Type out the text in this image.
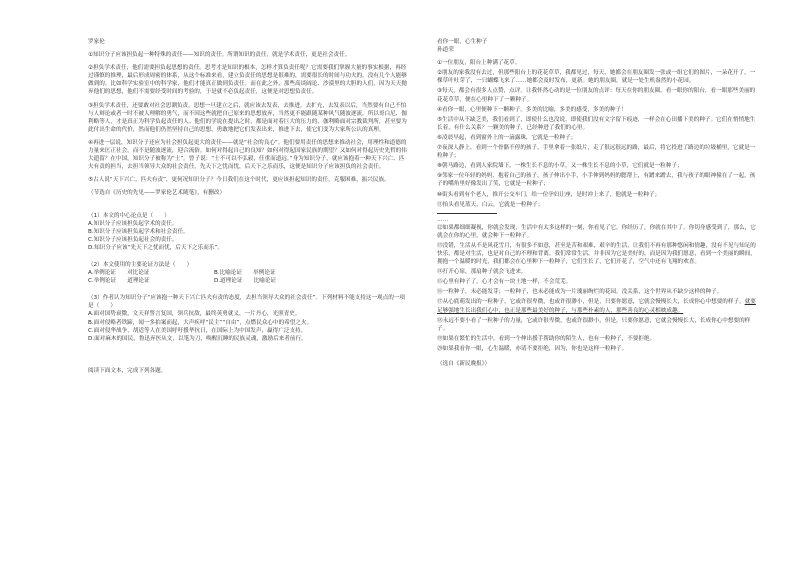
罗家伦

①知识分子应该担负起一种特殊的责任——知识的责任。所谓知识的责任，就是学术责任，更是社会责任。

②担负学术责任，他们需要担负起思想的责任。思考才是知识的根本，怎样才算负责任呢？它需要我们掌握大量的事实根据，再经过谨慎的推理，最后形成周密的体系，从这个标准来看，建立负责任的思想是很难的，需要很长的时间与功夫的，没有几个人能够做到的。比如科学实验室中的科学家，他们才能真正做到负责任。而在此之外，那些高谈阔论、沙漠里的大胆的人们，因为天天抛弃他们的思想，他们不需要经受时间的考验的，于是就不必负起责任，这便是对思想负责任。

③担负学术责任，还要敢对社会思潮负责。思想一旦建立之后，就应该去发表，去推进，去扩充，去发表以后，当然要有自己不怕与人辩论或者一时不被人理解的勇气，而不因这些就把自己原来的思想放弃，当然更不能跟随某种风气随波逐流。所以哥白尼、伽利略等人，才是真正为科学负起责任的人。他们的学说在提出之时，都是面对着巨大的压力的，伽利略面对宗教裁判所，甚至要为此付出生命的代价，然而他们仍然坚持自己的思想，勇敢地把它们发表出来，推进下去，使它们变为大家所公认的真理。

④再进一层说，知识分子还应为社会担负起更大的责任——就是“社会的良心”。他们要用责任的思想来推动社会，用理性和道德的力量来匡正社会，而不是随波逐流，迎合流俗。如何对得起自己的良知？如何对得起国家民族的期望？又如何对得起历史先哲的伟大遗留？在中国，知识分子被称为“士”。曾子说：“士不可以不弘毅，任重而道远。”身为知识分子，就应该抱着一种天下兴亡、匹夫有责的担当，去担当领导大众的社会责任，先天下之忧而忧，后天下之乐而乐，这便是知识分子应该担负的社会责任。

⑤古人说“天下兴亡，匹夫有责”，更何况知识分子？今日我们在这个时代，更应该担起知识的责任，克服困难，振兴民族。

（节选自《历史的先见——罗家伦艺术随笔》，有删改）

（1）本文的中心论点是（　　）

A.知识分子应该担负起学术的责任。

B.知识分子应该担负起学术和社会责任。

C.知识分子应该担负起社会的责任。

D.知识分子应该“先天下之忧而忧，后天下之乐而乐”。

（2）本文使用的主要论证方法是（　　）

A.举例论证　　对比论证	B.比喻论证　　举例论证

C.举例论证　　道理论证	D.道理论证　　比喻论证

（3）作者认为知识分子“应该抱一种天下兴亡匹夫有责的态度，去担当领导大众的社会责任”。下列材料不能支持这一观点的一项是（　　）

A.面对国势衰微，文天祥誓言复国，领兵抗敌，最终英勇就义，一片丹心，光照青史。

B.面对侵略者铁蹄，闻一多拍案而起，大声疾呼“民主”“自由”，点燃民众心中的希望之火。

C.面对侵华战争，胡适等人在美国呼吁援华抗日，在国际上为中国发声，赢得广泛支持。

D.面对麻木的国民，鲁迅弃医从文，以笔为刀，唤醒沉睡的民族灵魂，激励后来者前行。

阅读下面文本，完成下列各题。

看你一眼，心生种子

孙道荣

①一位朋友，阳台上种满了花草。

②朋友的家我没有去过，但那些阳台上的花花草草，我都见过，每天，她都会在朋友圈发一张或一组它们的图片，一朵花开了，一棵草叶吐芽了，一只蝴蝶飞来了……她都会及时发布，更新。她的朋友圈，就是一处生机盎然的小花园。

③每天，都会有很多人点赞，点评。让我怀然心动的是一位朋友的点评：每天在你的朋友圈，看一眼你的阳台，看一眼那些美丽的花花草草，便在心里种下了一颗种子。

④看你一眼，心里便种下一颗种子。多美的比喻，多美的感受，多美的种子！

⑤生活中从不缺乏美，我们看到了，即使什么也没说，即使我们没有文字留下痕迹，一样会在心田播下美的种子。它们在悄悄地生长着，有什么关系？一颗美的种子，已经种进了我们的心里。

⑥凌晨早起，看到窗外上的一滴露珠，它就是一粒种子；

⑦夜深人静上，看到一个骨骼不停的孩子，手里拿着一张纸片，走了很远很远的路，最后，将它投进了路边的垃圾桶里，它就是一粒种子；

⑧朝马路边，看到人家院墙下，一株生长不息的小草，又一株生长不息的小草，它们就是一粒种子；

⑨邻家一位年轻的妈妈，抱着自己的孩子，孩子伸出小手，小手伸到妈妈的腮帮上，有蹭来蹭去，我与孩子的眼神撞在了一起，孩子的嘴角里好像发出了笑，它就是一粒种子；

⑩街头看到有个老人，推开公交车门，给一位孕妇让座，是时冲上来了，他就是一粒种子；

⑪抬头看见蓝天，白云，它就是一粒种子；

……

⑫如果都细细凝视，你就会发现，生活中有太多这样的一刻，你看见了它，你经历了，你就在其中了，你切身感受到了，那么，它就会在你的心里，就会种下一粒种子。

⑬没错，生活从不是风花雪月，有很多不如意，甚至是苦和艰难，艰辛的生活，让我们不再有那种悠闲和情趣，没有不见与知足的快乐，都是对生活，也是对自己的不理和背离。我们常常生活，并非因为它是美好的，而是因为我们愿意，看到一个美丽的瞬间，拥抱一个温暖的时光，我们都会在心里种下一粒种子，它们生长了，它们开花了，空气中还有飞翔的欢喜。

⑭打开心扉，那扇种子就会飞进来。

⑮心里有种子了，心才会有一块土地一样，不会荒芜。

⑯一粒种子，未必能发芽；一粒种子，也未必能成为一片瑰丽绚烂的花园。没关系，这个世界从不缺少这样的种子。

⑰从心底萌发出的一粒种子，它或许很卑微，也或许很渺小，但是，只要你愿意，它就会慢慢长大，长成你心中想要的样子。就要足够强地生长出我们心中，也正是那些最美好的种子，与那些朴素的人，那些善良的心灵相映成趣。

⑱永远不要小看了一粒种子的力量，它或许很卑微，也或许很渺小，但是，只要你愿意，它就会慢慢长大，长成你心中想要的样子。

⑲如果在繁忙的生活中，看到一个伸出援手帮助你的陌生人，也有一粒种子，不要拒绝。

⑳如果我看你一眼，心生温暖，亦请不要拒绝，因为，你也是这样一粒种子。

（选自《新民晚报》）
